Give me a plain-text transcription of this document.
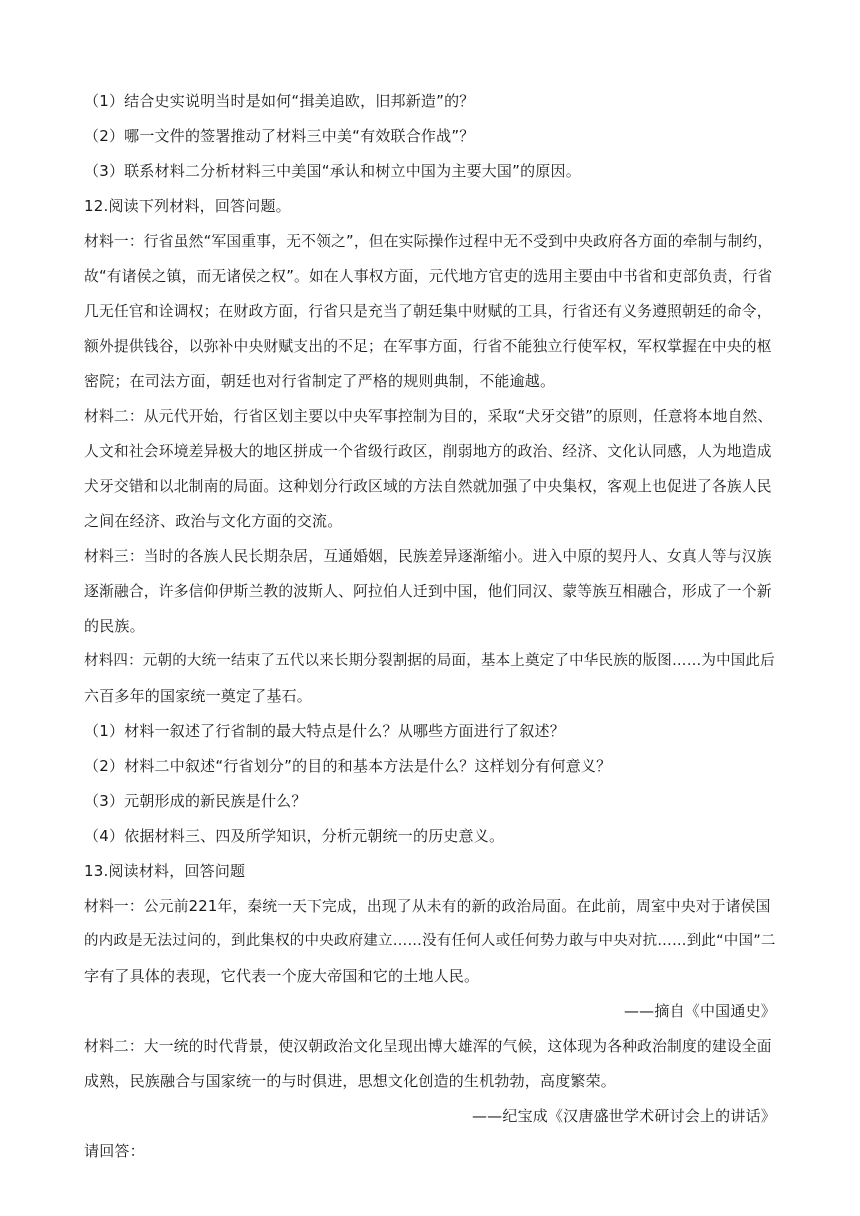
（1）结合史实说明当时是如何“揖美追欧，旧邦新造”的？

（2）哪一文件的签署推动了材料三中美“有效联合作战”？

（3）联系材料二分析材料三中美国“承认和树立中国为主要大国”的原因。

12.阅读下列材料，回答问题。

材料一：行省虽然“军国重事，无不领之”，但在实际操作过程中无不受到中央政府各方面的牵制与制约，

故“有诸侯之镇，而无诸侯之权”。如在人事权方面，元代地方官吏的选用主要由中书省和吏部负责，行省

几无任官和诠调权；在财政方面，行省只是充当了朝廷集中财赋的工具，行省还有义务遵照朝廷的命令，

额外提供钱谷，以弥补中央财赋支出的不足；在军事方面，行省不能独立行使军权，军权掌握在中央的枢

密院；在司法方面，朝廷也对行省制定了严格的规则典制，不能逾越。

材料二：从元代开始，行省区划主要以中央军事控制为目的，采取“犬牙交错”的原则，任意将本地自然、

人文和社会环境差异极大的地区拼成一个省级行政区，削弱地方的政治、经济、文化认同感，人为地造成

犬牙交错和以北制南的局面。这种划分行政区域的方法自然就加强了中央集权，客观上也促进了各族人民

之间在经济、政治与文化方面的交流。

材料三：当时的各族人民长期杂居，互通婚姻，民族差异逐渐缩小。进入中原的契丹人、女真人等与汉族

逐渐融合，许多信仰伊斯兰教的波斯人、阿拉伯人迁到中国，他们同汉、蒙等族互相融合，形成了一个新

的民族。

材料四：元朝的大统一结束了五代以来长期分裂割据的局面，基本上奠定了中华民族的版图……为中国此后

六百多年的国家统一奠定了基石。

（1）材料一叙述了行省制的最大特点是什么？从哪些方面进行了叙述？

（2）材料二中叙述“行省划分”的目的和基本方法是什么？这样划分有何意义？

（3）元朝形成的新民族是什么？

（4）依据材料三、四及所学知识，分析元朝统一的历史意义。

13.阅读材料，回答问题

材料一：公元前221年，秦统一天下完成，出现了从未有的新的政治局面。在此前，周室中央对于诸侯国

的内政是无法过问的，到此集权的中央政府建立……没有任何人或任何势力敢与中央对抗……到此“中国”二

字有了具体的表现，它代表一个庞大帝国和它的土地人民。

——摘自《中国通史》

材料二：大一统的时代背景，使汉朝政治文化呈现出博大雄浑的气候，这体现为各种政治制度的建设全面

成熟，民族融合与国家统一的与时俱进，思想文化创造的生机勃勃，高度繁荣。

——纪宝成《汉唐盛世学术研讨会上的讲话》

请回答：
